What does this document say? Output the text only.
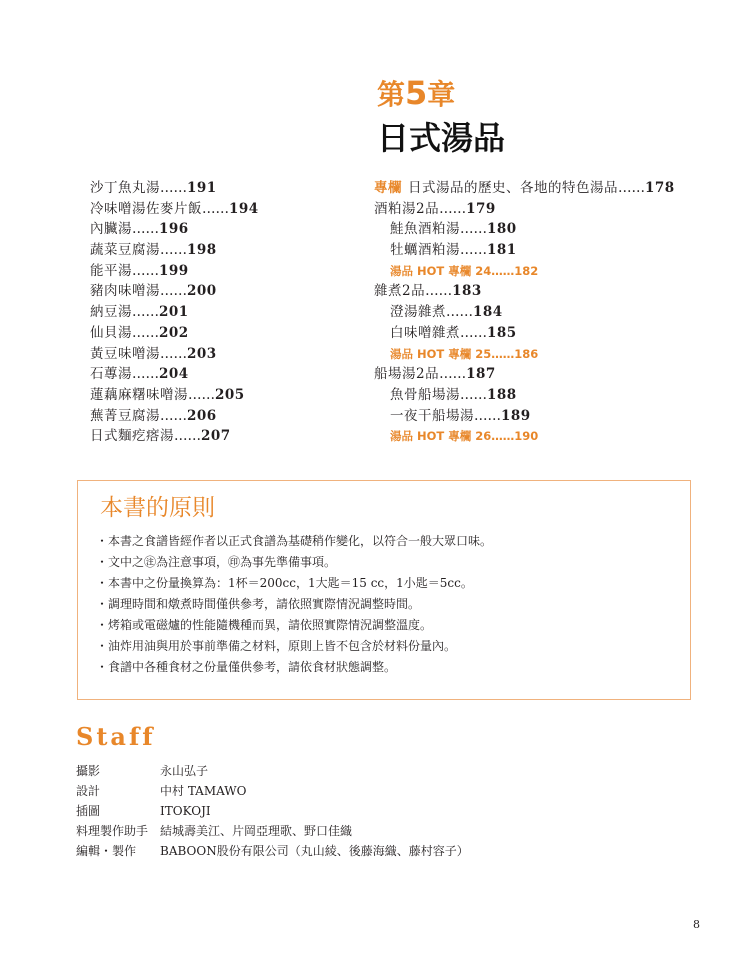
第5章
日式湯品
沙丁魚丸湯……191
冷味噌湯佐麥片飯……194
內臟湯……196
蔬菜豆腐湯……198
能平湯……199
豬肉味噌湯……200
納豆湯……201
仙貝湯……202
黃豆味噌湯……203
石蓴湯……204
蓮藕麻糬味噌湯……205
蕪菁豆腐湯……206
日式麵疙瘩湯……207
專欄 日式湯品的歷史、各地的特色湯品……178
酒粕湯2品……179
鮭魚酒粕湯……180
牡蠣酒粕湯……181
湯品 HOT 專欄 24……182
雜煮2品……183
澄湯雜煮……184
白味噌雜煮……185
湯品 HOT 專欄 25……186
船場湯2品……187
魚骨船場湯……188
一夜干船場湯……189
湯品 HOT 專欄 26……190
本書的原則
・本書之食譜皆經作者以正式食譜為基礎稍作變化，以符合一般大眾口味。
・文中之㊟為注意事項，㊞為事先準備事項。
・本書中之份量換算為：1杯＝200cc，1大匙＝15 cc，1小匙＝5cc。
・調理時間和燉煮時間僅供參考，請依照實際情況調整時間。
・烤箱或電磁爐的性能隨機種而異，請依照實際情況調整溫度。
・油炸用油與用於事前準備之材料，原則上皆不包含於材料份量內。
・食譜中各種食材之份量僅供參考，請依食材狀態調整。
Staff
攝影	永山弘子
設計	中村 TAMAWO
插圖	ITOKOJI
料理製作助手 結城壽美江、片岡亞理歌、野口佳織
編輯・製作 BABOON股份有限公司（丸山綾、後藤海織、藤村容子）
8
